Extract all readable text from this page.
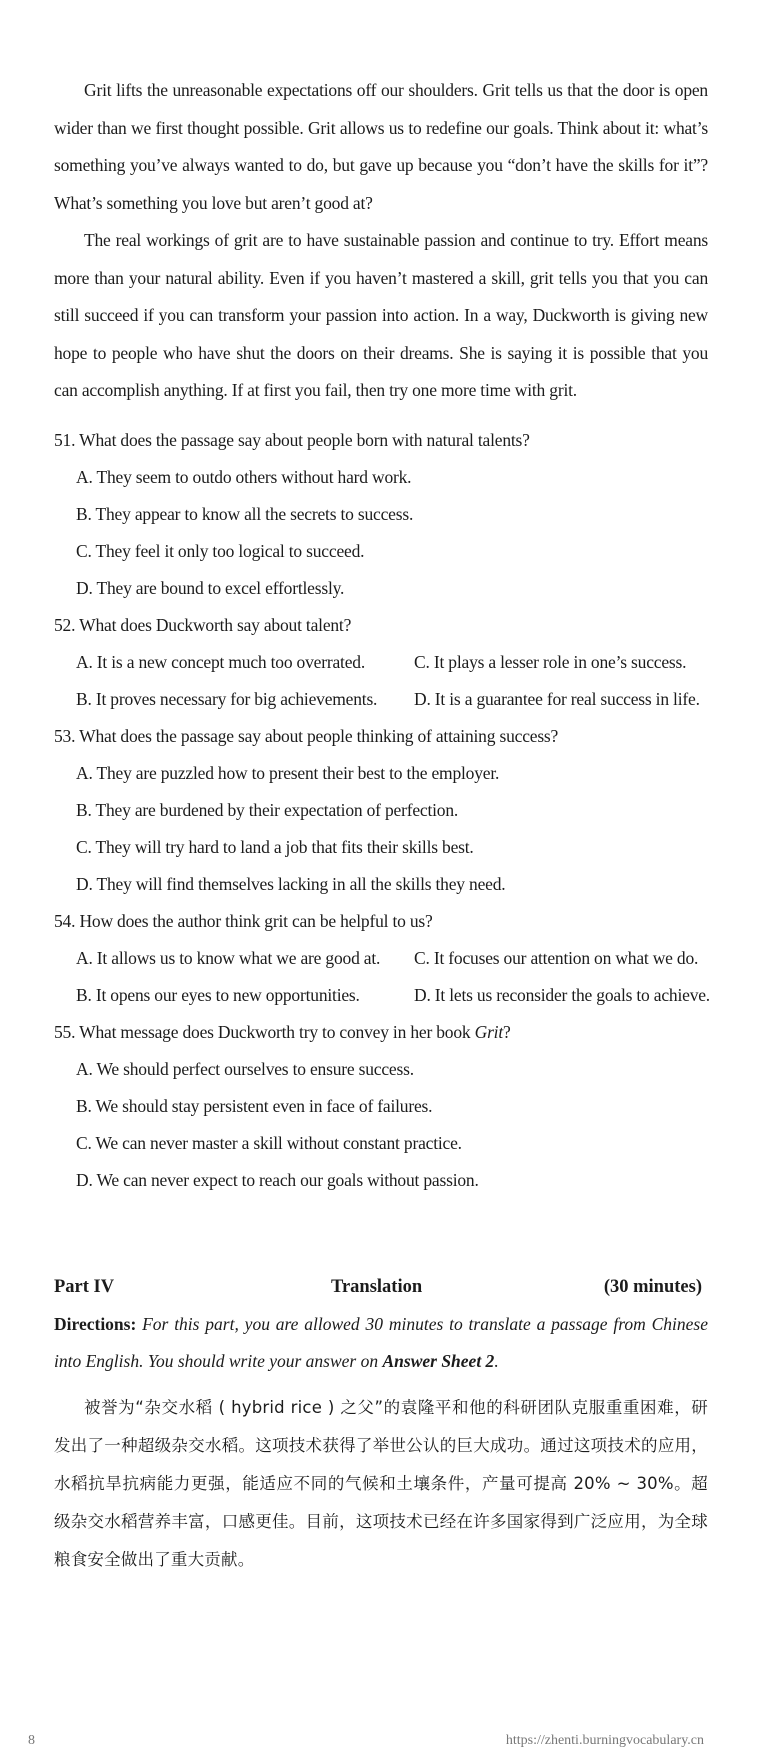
Grit lifts the unreasonable expectations off our shoulders. Grit tells us that the door is open wider than we first thought possible. Grit allows us to redefine our goals. Think about it: what’s something you’ve always wanted to do, but gave up because you “don’t have the skills for it”? What’s something you love but aren’t good at?

The real workings of grit are to have sustainable passion and continue to try. Effort means more than your natural ability. Even if you haven’t mastered a skill, grit tells you that you can still succeed if you can transform your passion into action. In a way, Duckworth is giving new hope to people who have shut the doors on their dreams. She is saying it is possible that you can accomplish anything. If at first you fail, then try one more time with grit.

51. What does the passage say about people born with natural talents?
A. They seem to outdo others without hard work.
B. They appear to know all the secrets to success.
C. They feel it only too logical to succeed.
D. They are bound to excel effortlessly.
52. What does Duckworth say about talent?
A. It is a new concept much too overrated.	C. It plays a lesser role in one’s success.
B. It proves necessary for big achievements. D. It is a guarantee for real success in life.
53. What does the passage say about people thinking of attaining success?
A. They are puzzled how to present their best to the employer.
B. They are burdened by their expectation of perfection.
C. They will try hard to land a job that fits their skills best.
D. They will find themselves lacking in all the skills they need.
54. How does the author think grit can be helpful to us?
A. It allows us to know what we are good at. C. It focuses our attention on what we do.
B. It opens our eyes to new opportunities.	D. It lets us reconsider the goals to achieve.
55. What message does Duckworth try to convey in her book Grit?
A. We should perfect ourselves to ensure success.
B. We should stay persistent even in face of failures.
C. We can never master a skill without constant practice.
D. We can never expect to reach our goals without passion.
Part IV	Translation	(30 minutes)
Directions: For this part, you are allowed 30 minutes to translate a passage from Chinese into English. You should write your answer on Answer Sheet 2.
被誉为“杂交水稻 ( hybrid rice ) 之父”的袁隆平和他的科研团队克服重重困难，研发出了一种超级杂交水稻。这项技术获得了举世公认的巨大成功。通过这项技术的应用，水稻抗旱抗病能力更强，能适应不同的气候和土壤条件，产量可提高 20% ~ 30%。超级杂交水稻营养丰富，口感更佳。目前，这项技术已经在许多国家得到广泛应用，为全球粮食安全做出了重大贡献。
8	https://zhenti.burningvocabulary.cn
